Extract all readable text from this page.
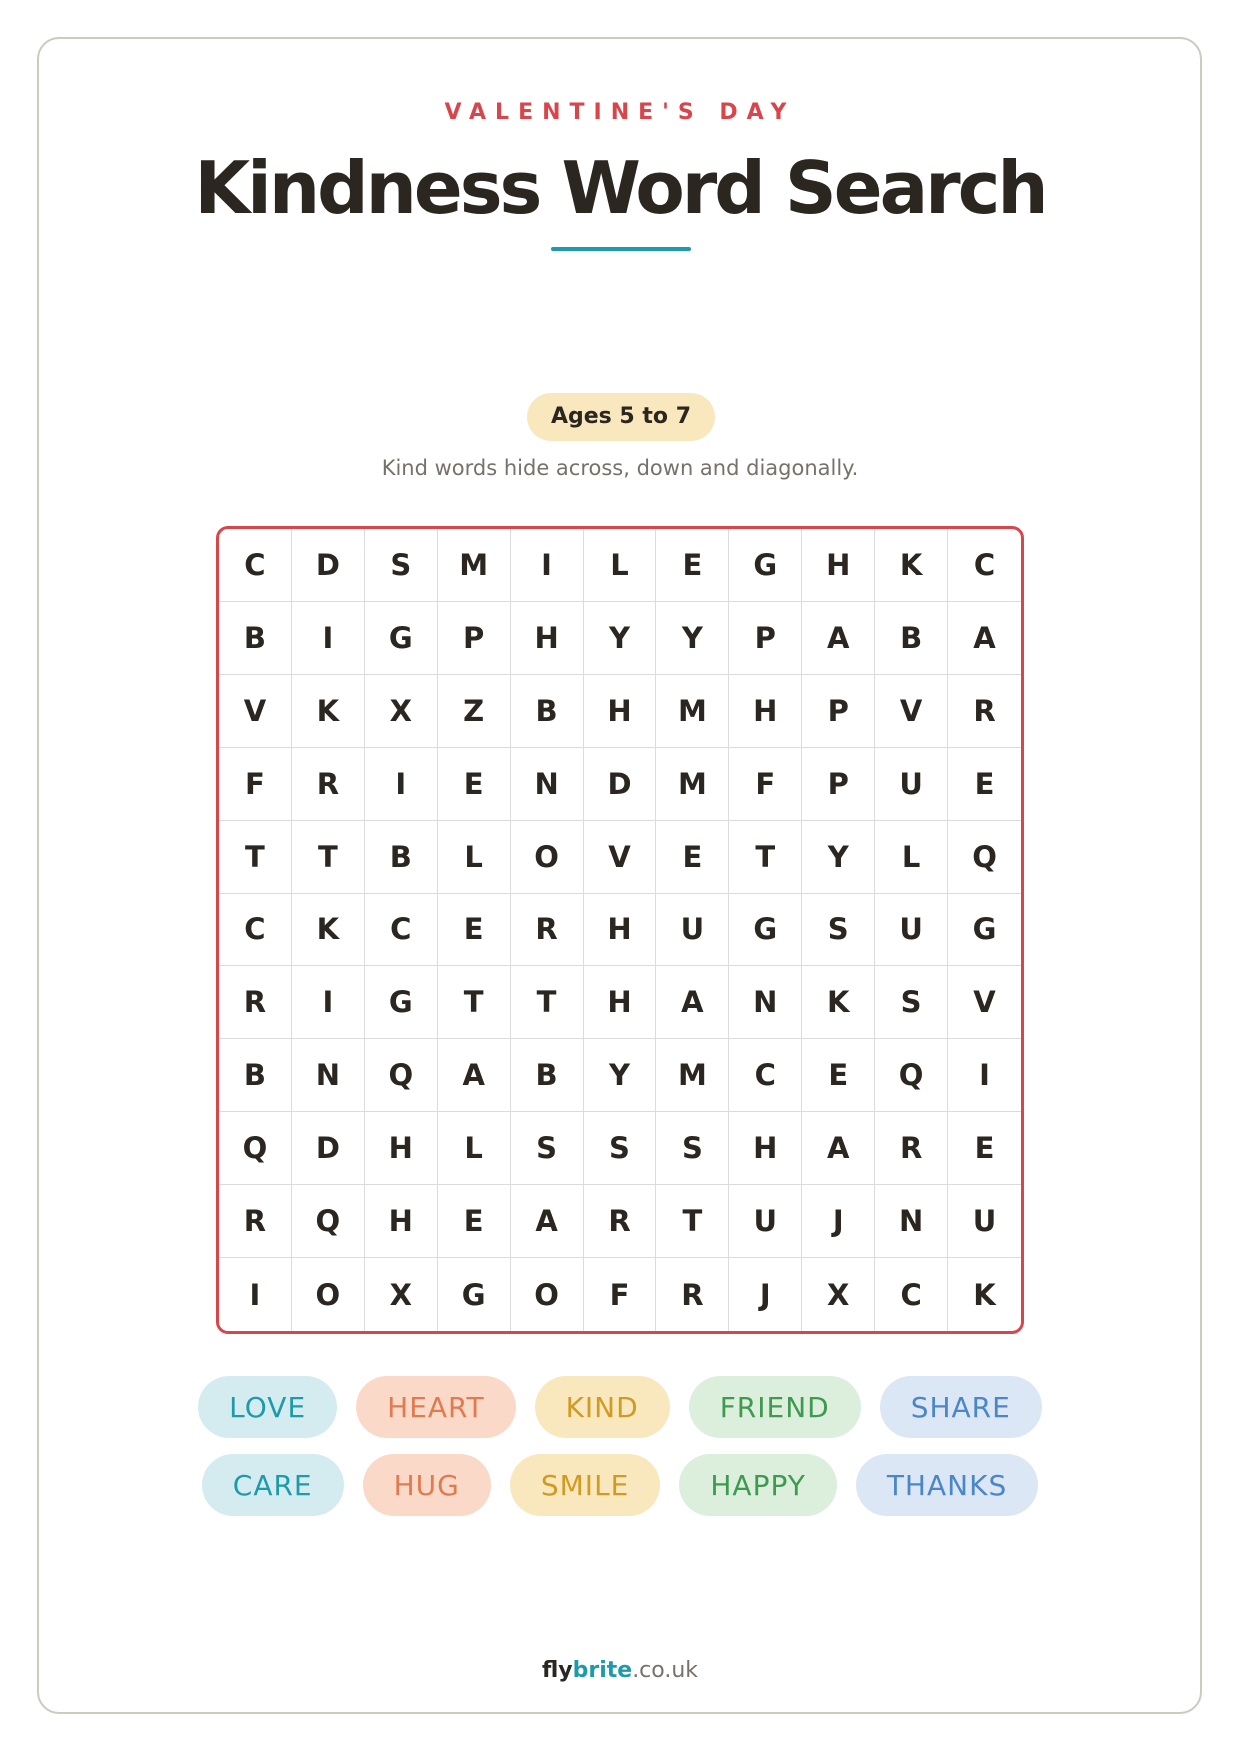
VALENTINE'S DAY
Kindness Word Search
Ages 5 to 7
Kind words hide across, down and diagonally.
C	D	S	M	I	L	E	G	H	K	C
B	I	G	P	H	Y	Y	P	A	B	A
V	K	X	Z	B	H	M	H	P	V	R
F	R	I	E	N	D	M	F	P	U	E
T	T	B	L	O	V	E	T	Y	L	Q
C	K	C	E	R	H	U	G	S	U	G
R	I	G	T	T	H	A	N	K	S	V
B	N	Q	A	B	Y	M	C	E	Q	I
Q	D	H	L	S	S	S	H	A	R	E
R	Q	H	E	A	R	T	U	J	N	U
I	O	X	G	O	F	R	J	X	C	K
LOVE	HEART	KIND	FRIEND	SHARE
CARE	HUG	SMILE	HAPPY	THANKS
flybrite.co.uk
